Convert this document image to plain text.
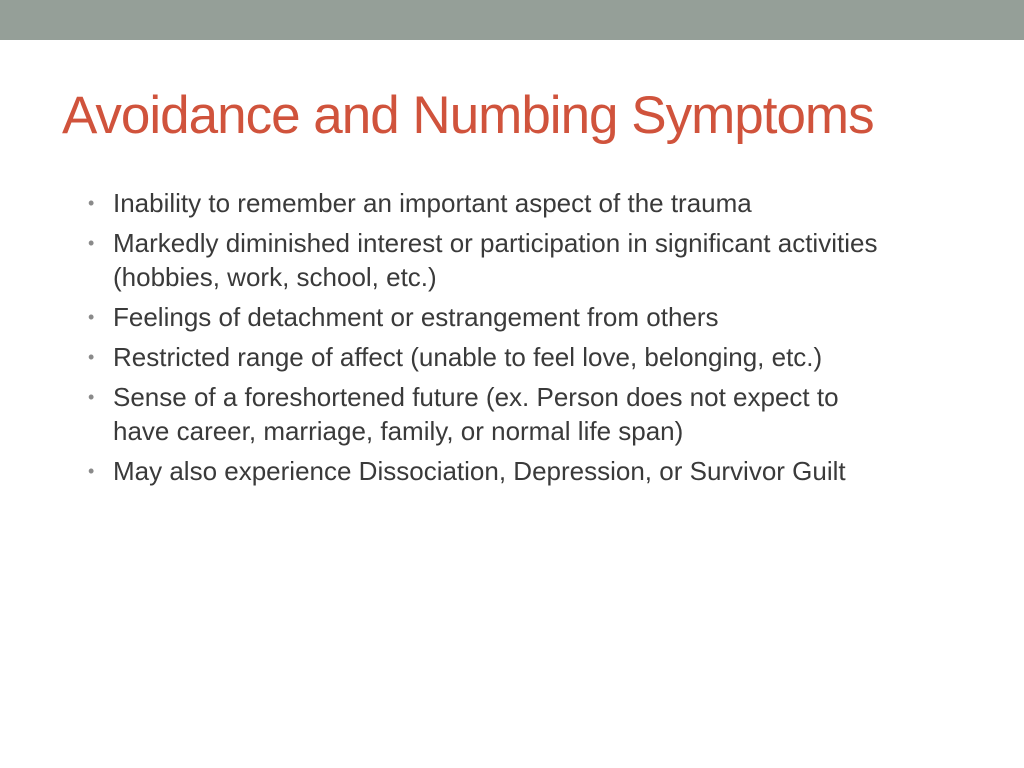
Avoidance and Numbing Symptoms
• Inability to remember an important aspect of the trauma
• Markedly diminished interest or participation in significant activities
(hobbies, work, school, etc.)
• Feelings of detachment or estrangement from others
• Restricted range of affect (unable to feel love, belonging, etc.)
• Sense of a foreshortened future (ex. Person does not expect to
have career, marriage, family, or normal life span)
• May also experience Dissociation, Depression, or Survivor Guilt
